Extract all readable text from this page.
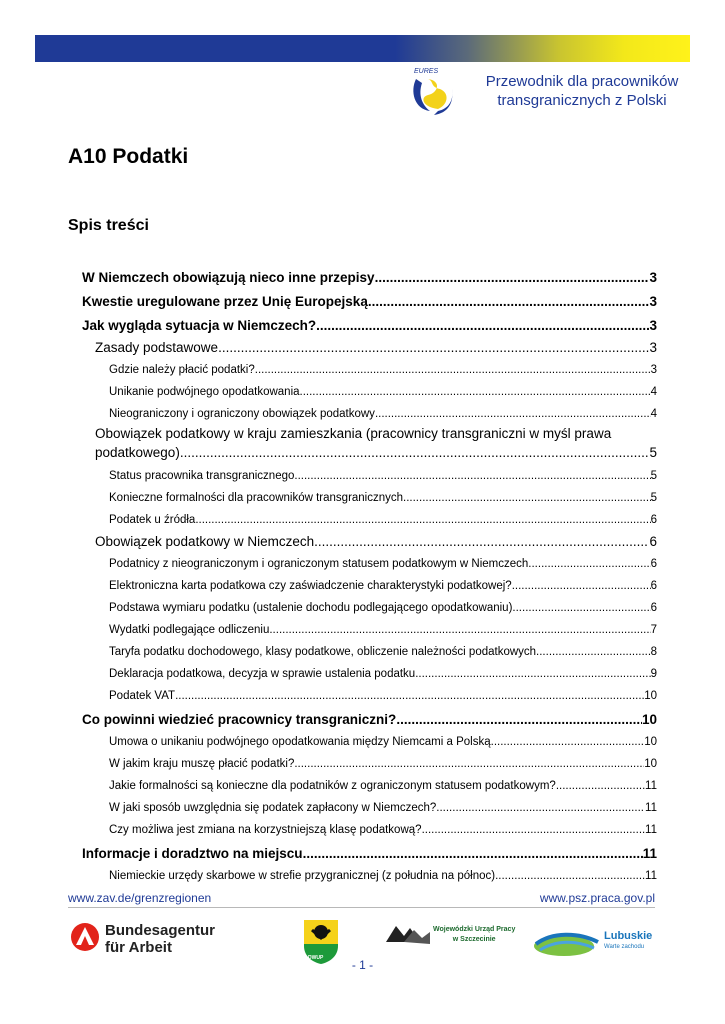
EURES
Przewodnik dla pracowników
transgranicznych z Polski
A10 Podatki
Spis treści
W Niemczech obowiązują nieco inne przepisy .....	3
Kwestie uregulowane przez Unię Europejską .....	3
Jak wygląda sytuacja w Niemczech? .....	3
Zasady podstawowe .....	3
Gdzie należy płacić podatki? .....	3
Unikanie podwójnego opodatkowania .....	4
Nieograniczony i ograniczony obowiązek podatkowy .....	4
Obowiązek podatkowy w kraju zamieszkania (pracownicy transgraniczni w myśl prawa
podatkowego) .....	5
Status pracownika transgranicznego .....	5
Konieczne formalności dla pracowników transgranicznych .....	5
Podatek u źródła .....	6
Obowiązek podatkowy w Niemczech .....	6
Podatnicy z nieograniczonym i ograniczonym statusem podatkowym w Niemczech .....	6
Elektroniczna karta podatkowa czy zaświadczenie charakterystyki podatkowej? .....	6
Podstawa wymiaru podatku (ustalenie dochodu podlegającego opodatkowaniu) .....	6
Wydatki podlegające odliczeniu .....	7
Taryfa podatku dochodowego, klasy podatkowe, obliczenie należności podatkowych .....	8
Deklaracja podatkowa, decyzja w sprawie ustalenia podatku .....	9
Podatek VAT .....	10
Co powinni wiedzieć pracownicy transgraniczni? .....	10
Umowa o unikaniu podwójnego opodatkowania między Niemcami a Polską .....	10
W jakim kraju muszę płacić podatki? .....	10
Jakie formalności są konieczne dla podatników z ograniczonym statusem podatkowym? .....	11
W jaki sposób uwzględnia się podatek zapłacony w Niemczech? .....	11
Czy możliwa jest zmiana na korzystniejszą klasę podatkową? .....	11
Informacje i doradztwo na miejscu .....	11
Niemieckie urzędy skarbowe w strefie przygranicznej (z południa na północ) .....	11
www.zav.de/grenzregionen	www.psz.praca.gov.pl
Bundesagentur
für Arbeit
DWUP
Wojewódzki Urząd Pracy
w Szczecinie	Lubuskie
Warte zachodu
- 1 -
